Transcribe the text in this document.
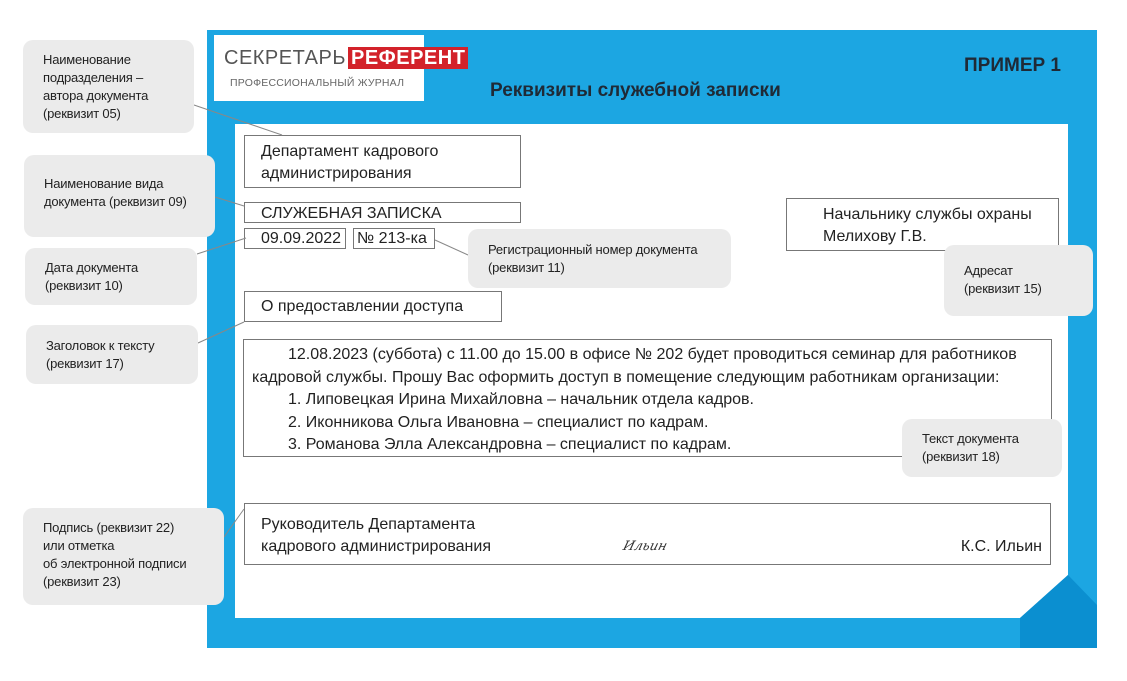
СЕКРЕТАРЬ РЕФЕРЕНТ
ПРОФЕССИОНАЛЬНЫЙ ЖУРНАЛ
ПРИМЕР 1
Реквизиты служебной записки
Департамент кадрового
администрирования
СЛУЖЕБНАЯ ЗАПИСКА
09.09.2022 № 213-ка
Начальнику службы охраны
Мелихову Г.В.
О предоставлении доступа
12.08.2023 (суббота) с 11.00 до 15.00 в офисе № 202 будет проводиться семинар для работников
кадровой службы. Прошу Вас оформить доступ в помещение следующим работникам организации:
1. Липовецкая Ирина Михайловна – начальник отдела кадров.
2. Иконникова Ольга Ивановна – специалист по кадрам.
3. Романова Элла Александровна – специалист по кадрам.
Руководитель Департамента
кадрового администрирования	Ильин	К.С. Ильин
Наименование
подразделения –
автора документа
(реквизит 05)
Наименование вида
документа (реквизит 09)
Дата документа
(реквизит 10)
Заголовок к тексту
(реквизит 17)
Подпись (реквизит 22)
или отметка
об электронной подписи
(реквизит 23)
Регистрационный номер документа
(реквизит 11)	Адресат
(реквизит 15)
Текст документа
(реквизит 18)
